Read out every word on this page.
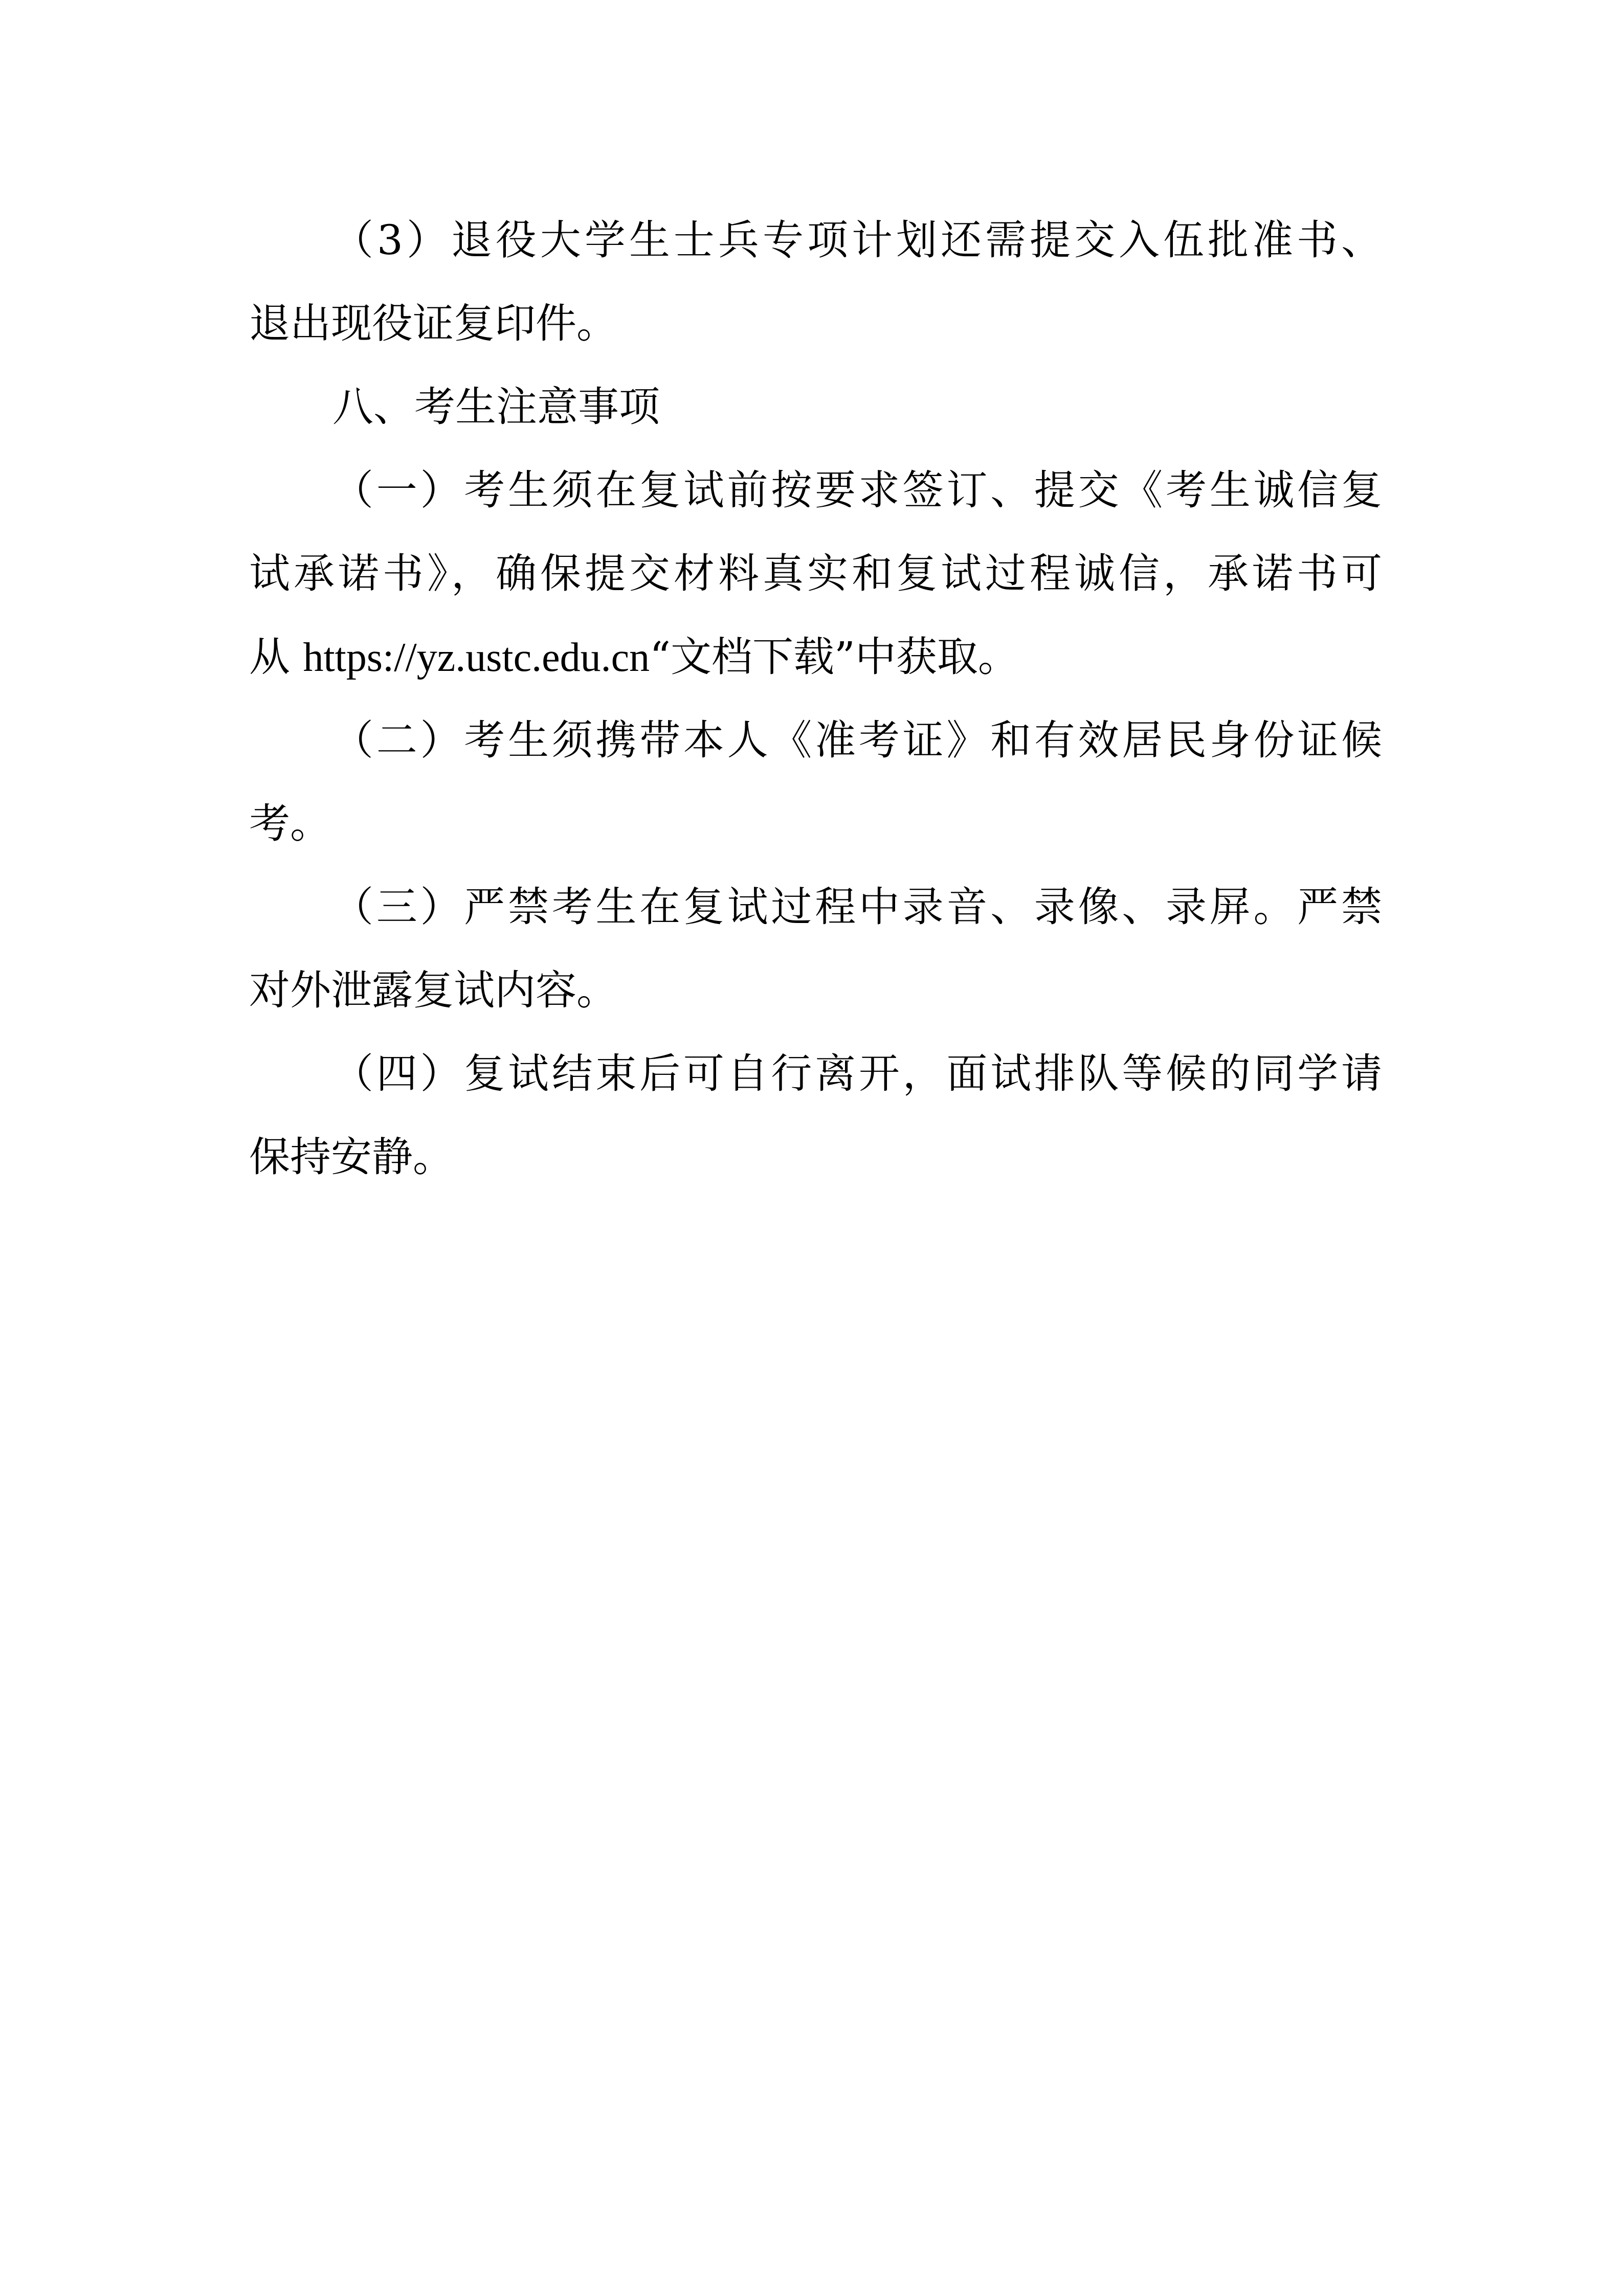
（3）退役大学生士兵专项计划还需提交入伍批准书、
退出现役证复印件。
八、考生注意事项
（一）考生须在复试前按要求签订、提交《考生诚信复
试承诺书》，确保提交材料真实和复试过程诚信，承诺书可
从 https://yz.ustc.edu.cn“文档下载”中获取。
（二）考生须携带本人《准考证》和有效居民身份证候
考。
（三）严禁考生在复试过程中录音、录像、录屏。严禁
对外泄露复试内容。
（四）复试结束后可自行离开，面试排队等候的同学请
保持安静。
